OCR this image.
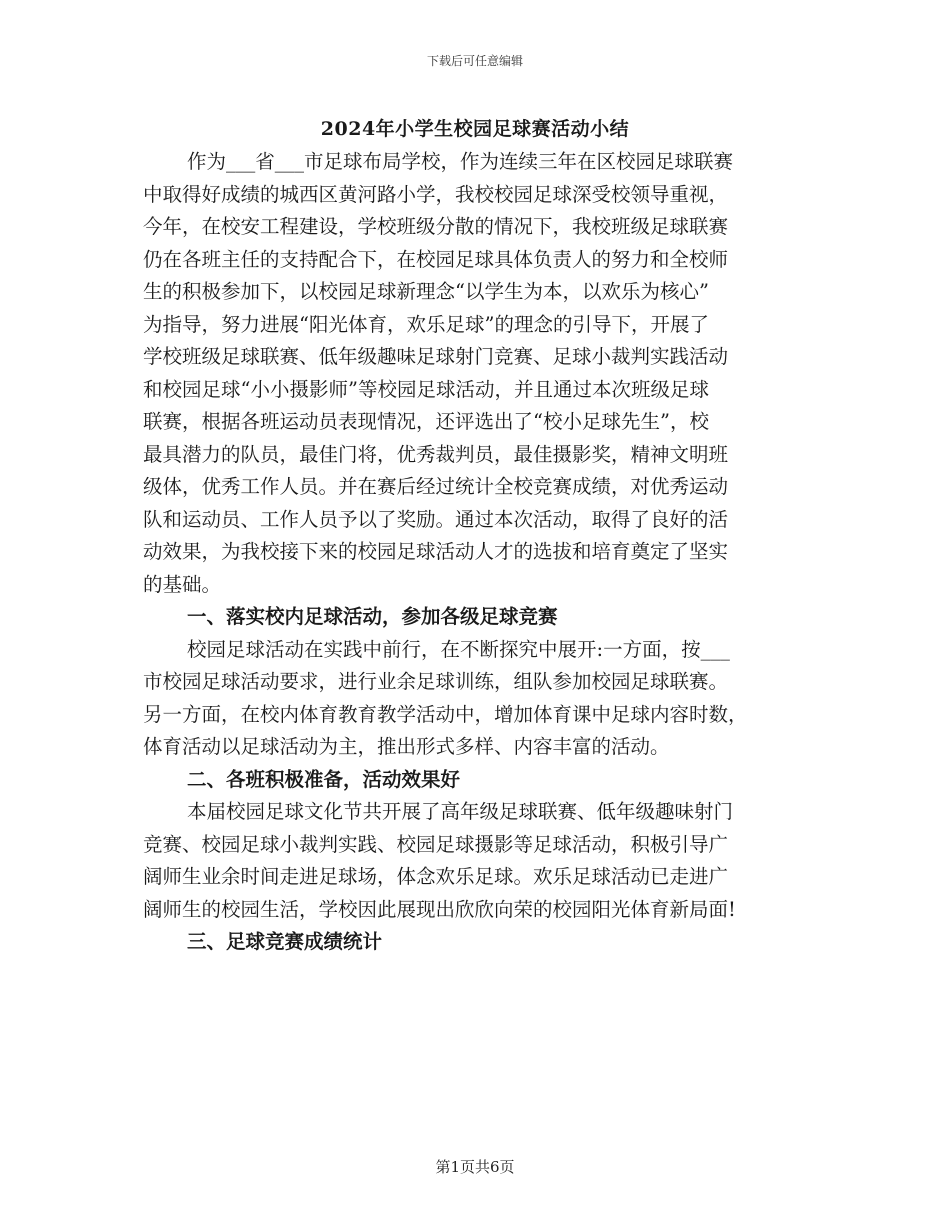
下载后可任意编辑
2024年小学生校园足球赛活动小结
作为___省___市足球布局学校，作为连续三年在区校园足球联赛
中取得好成绩的城西区黄河路小学，我校校园足球深受校领导重视，
今年，在校安工程建设，学校班级分散的情况下，我校班级足球联赛
仍在各班主任的支持配合下，在校园足球具体负责人的努力和全校师
生的积极参加下，以校园足球新理念“以学生为本，以欢乐为核心”
为指导，努力进展“阳光体育，欢乐足球”的理念的引导下，开展了
学校班级足球联赛、低年级趣味足球射门竞赛、足球小裁判实践活动
和校园足球“小小摄影师”等校园足球活动，并且通过本次班级足球
联赛，根据各班运动员表现情况，还评选出了“校小足球先生”，校
最具潜力的队员，最佳门将，优秀裁判员，最佳摄影奖，精神文明班
级体，优秀工作人员。并在赛后经过统计全校竞赛成绩，对优秀运动
队和运动员、工作人员予以了奖励。通过本次活动，取得了良好的活
动效果，为我校接下来的校园足球活动人才的选拔和培育奠定了坚实
的基础。
一、落实校内足球活动，参加各级足球竞赛
校园足球活动在实践中前行，在不断探究中展开:一方面，按___
市校园足球活动要求，进行业余足球训练，组队参加校园足球联赛。
另一方面，在校内体育教育教学活动中，增加体育课中足球内容时数，
体育活动以足球活动为主，推出形式多样、内容丰富的活动。
二、各班积极准备，活动效果好
本届校园足球文化节共开展了高年级足球联赛、低年级趣味射门
竞赛、校园足球小裁判实践、校园足球摄影等足球活动，积极引导广
阔师生业余时间走进足球场，体念欢乐足球。欢乐足球活动已走进广
阔师生的校园生活，学校因此展现出欣欣向荣的校园阳光体育新局面!
三、足球竞赛成绩统计
第1页共6页
